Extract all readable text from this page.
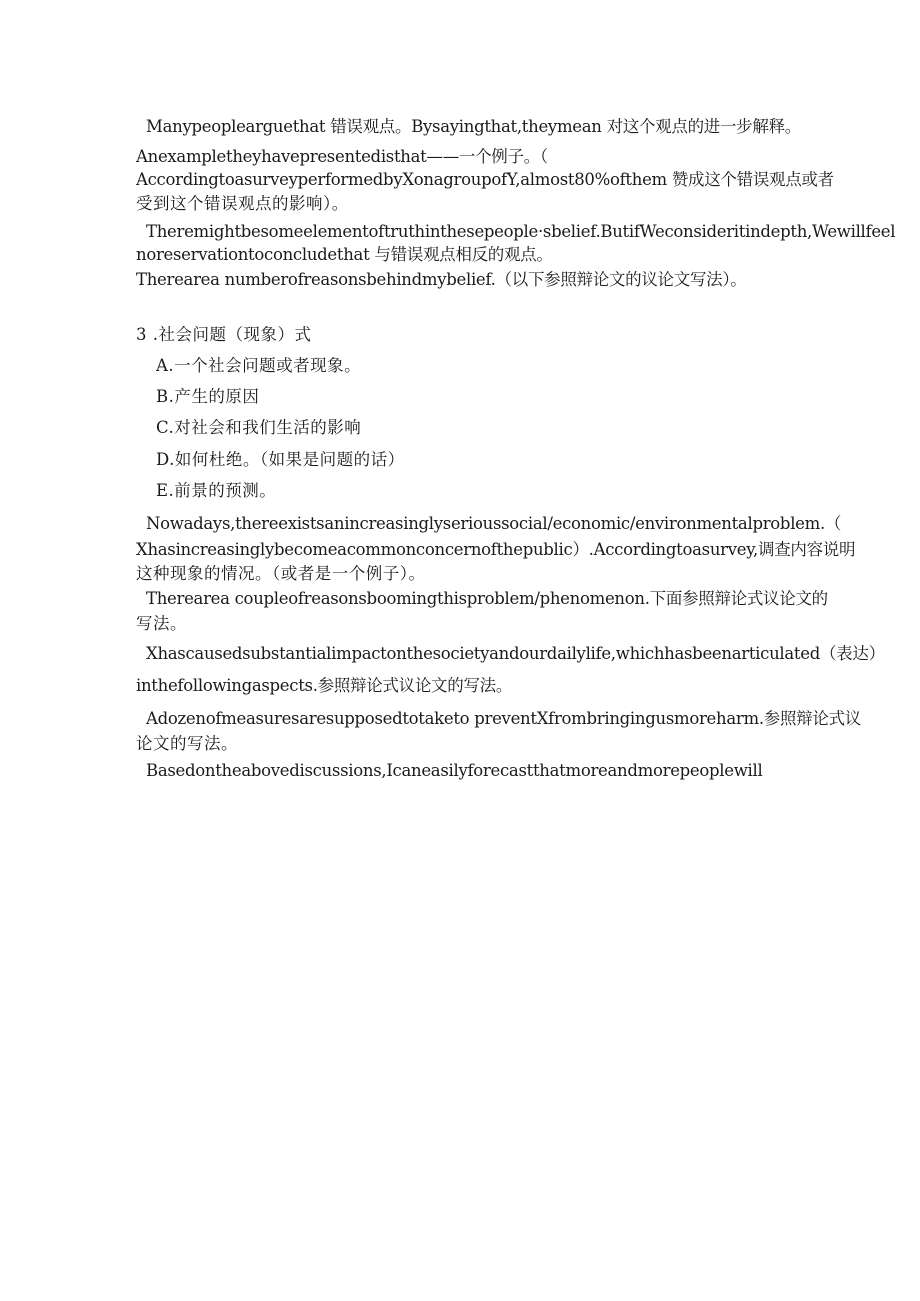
Manypeoplearguethat 错误观点。Bysayingthat,theymean 对这个观点的进一步解释。
Anexampletheyhavepresentedisthat——一个例子。（
AccordingtoasurveyperformedbyXonagroupofY,almost80%ofthem 赞成这个错误观点或者
受到这个错误观点的影响）。
Theremightbesomeelementoftruthinthesepeople·sbelief.ButifWeconsideritindepth,Wewillfeel
noreservationtoconcludethat 与错误观点相反的观点。
Therearea numberofreasonsbehindmybelief.（以下参照辩论文的议论文写法）。
3 .社会问题（现象）式
A.一个社会问题或者现象。
B.产生的原因
C.对社会和我们生活的影响
D.如何杜绝。（如果是问题的话）
E.前景的预测。
Nowadays,thereexistsanincreasinglyserioussocial/economic/environmentalproblem.（
Xhasincreasinglybecomeacommonconcernofthepublic）.Accordingtoasurvey,调查内容说明
这种现象的情况。（或者是一个例子）。
Therearea coupleofreasonsboomingthisproblem/phenomenon.下面参照辩论式议论文的
写法。
Xhascausedsubstantialimpactonthesocietyandourdailylife,whichhasbeenarticulated（表达）
inthefollowingaspects.参照辩论式议论文的写法。
Adozenofmeasuresaresupposedtotaketo preventXfrombringingusmoreharm.参照辩论式议
论文的写法。
Basedontheabovediscussions,Icaneasilyforecastthatmoreandmorepeoplewill
